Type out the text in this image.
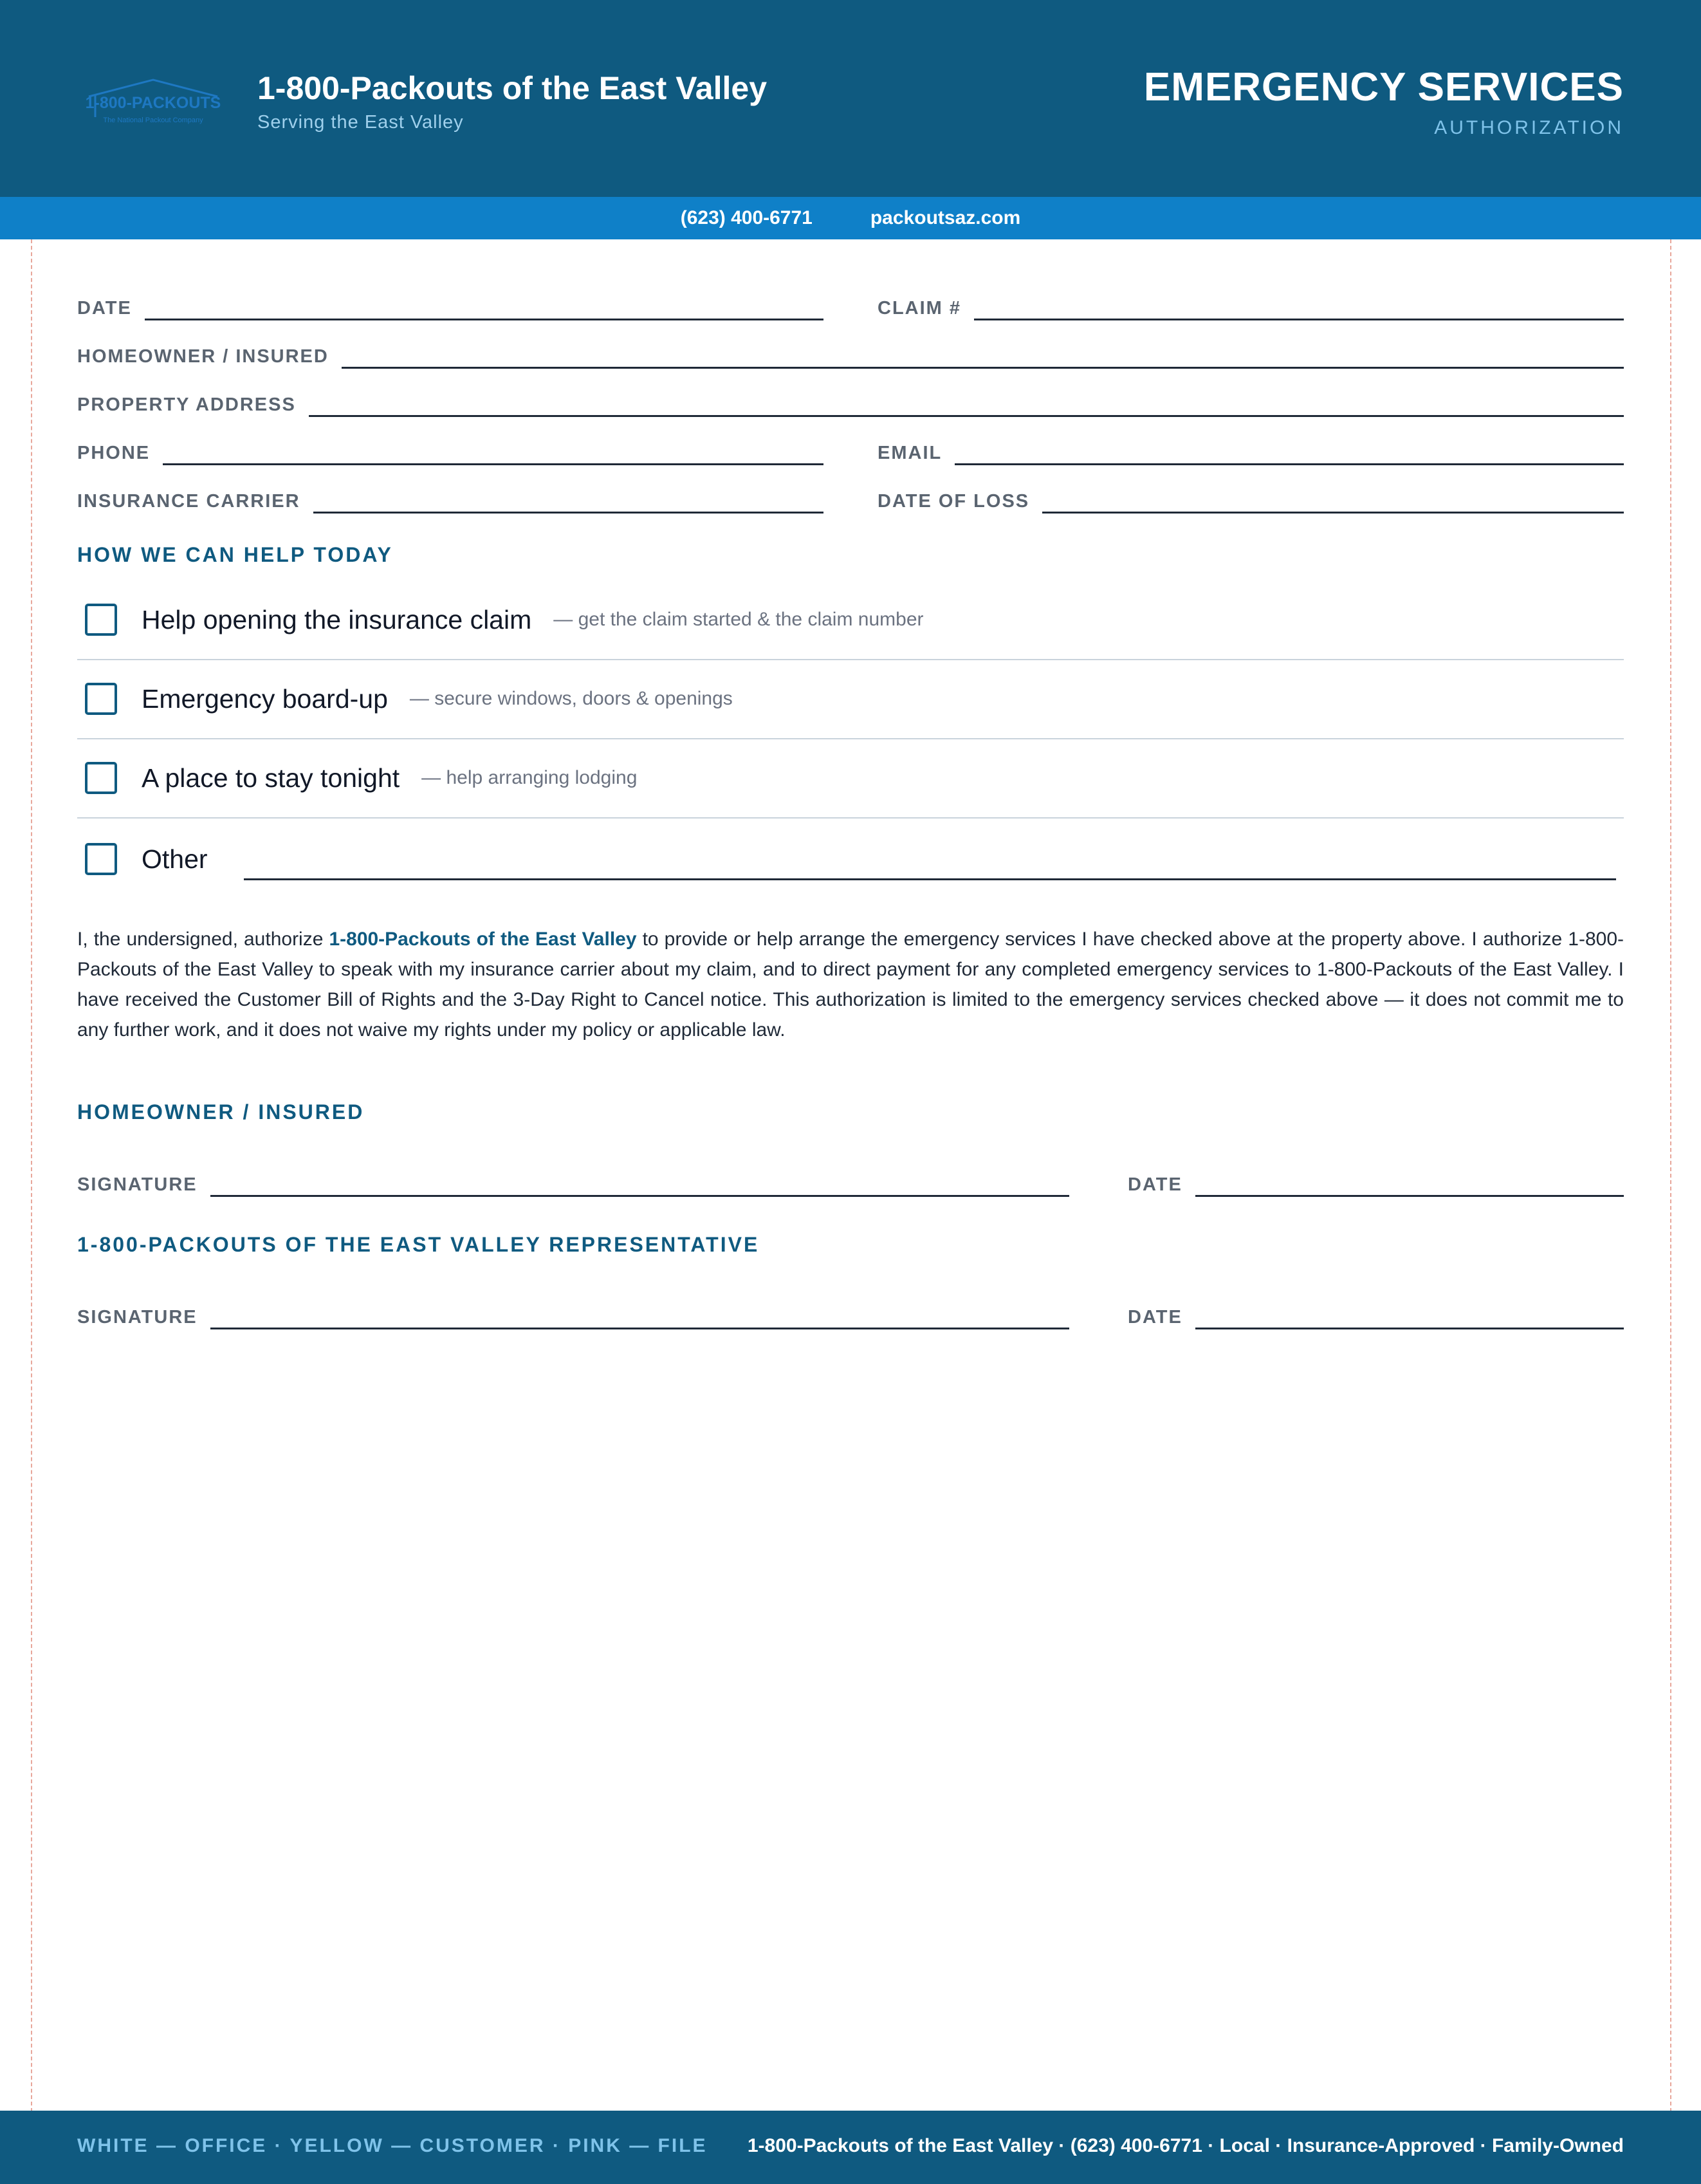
1-800-PACKOUTS
The National Packout Company
1-800-Packouts of the East Valley
Serving the East Valley
EMERGENCY SERVICES
AUTHORIZATION
(623) 400-6771	packoutsaz.com
DATE	CLAIM #
HOMEOWNER / INSURED
PROPERTY ADDRESS
PHONE	EMAIL
INSURANCE CARRIER	DATE OF LOSS
HOW WE CAN HELP TODAY
Help opening the insurance claim — get the claim started & the claim number
Emergency board-up — secure windows, doors & openings
A place to stay tonight — help arranging lodging
Other
I, the undersigned, authorize 1-800-Packouts of the East Valley to provide or help arrange the emergency services I have checked above at the property above. I authorize 1-800-Packouts of the East Valley to speak with my insurance carrier about my claim, and to direct payment for any completed emergency services to 1-800-Packouts of the East Valley. I have received the Customer Bill of Rights and the 3-Day Right to Cancel notice. This authorization is limited to the emergency services checked above — it does not commit me to any further work, and it does not waive my rights under my policy or applicable law.
HOMEOWNER / INSURED
SIGNATURE	DATE
1-800-PACKOUTS OF THE EAST VALLEY REPRESENTATIVE
SIGNATURE	DATE
WHITE — OFFICE · YELLOW — CUSTOMER · PINK — FILE 1-800-Packouts of the East Valley · (623) 400-6771 · Local · Insurance-Approved · Family-Owned
